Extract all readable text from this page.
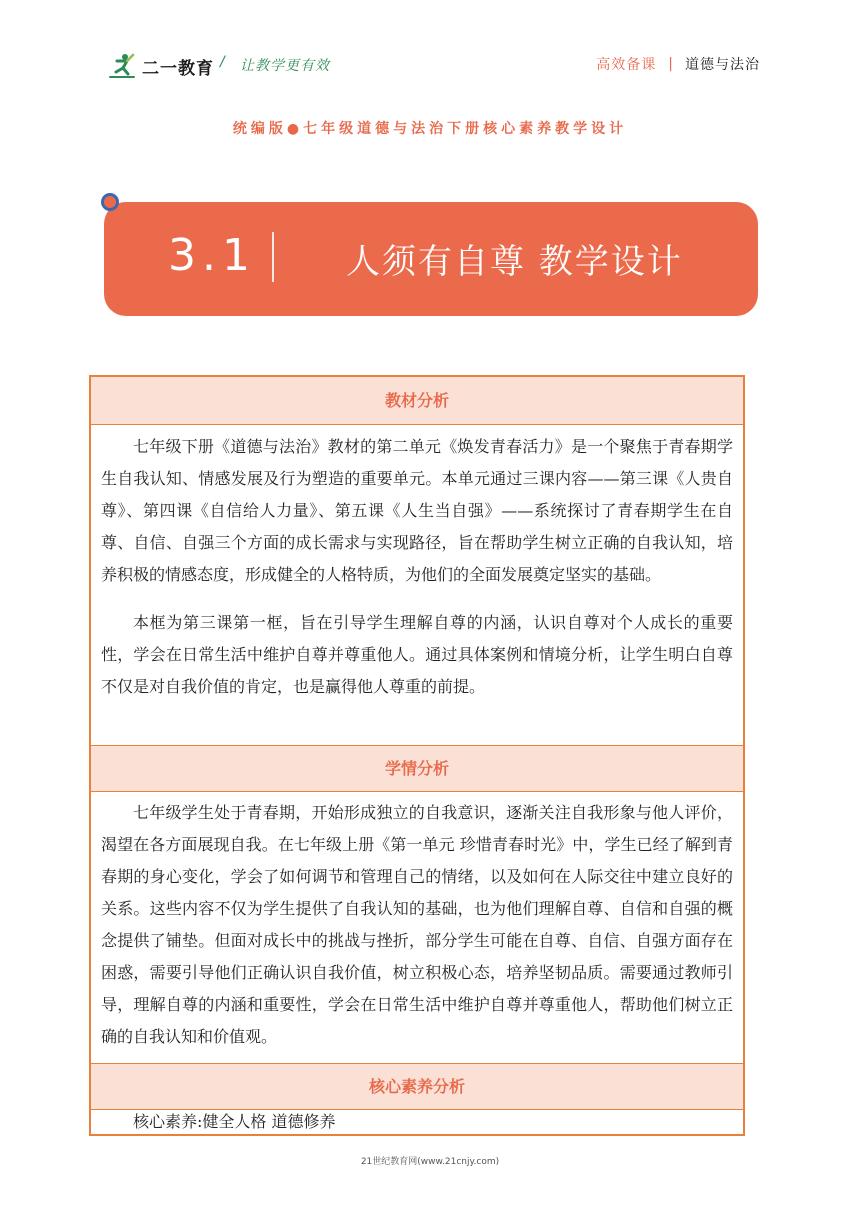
二一教育 / 让教学更有效	高效备课 | 道德与法治
统编版●七年级道德与法治下册核心素养教学设计
3.1	人须有自尊 教学设计
教材分析

七年级下册《道德与法治》教材的第二单元《焕发青春活力》是一个聚焦于青春期学生自我认知、情感发展及行为塑造的重要单元。本单元通过三课内容——第三课《人贵自尊》、第四课《自信给人力量》、第五课《人生当自强》——系统探讨了青春期学生在自尊、自信、自强三个方面的成长需求与实现路径，旨在帮助学生树立正确的自我认知，培养积极的情感态度，形成健全的人格特质，为他们的全面发展奠定坚实的基础。

本框为第三课第一框，旨在引导学生理解自尊的内涵，认识自尊对个人成长的重要性，学会在日常生活中维护自尊并尊重他人。通过具体案例和情境分析，让学生明白自尊不仅是对自我价值的肯定，也是赢得他人尊重的前提。

学情分析

七年级学生处于青春期，开始形成独立的自我意识，逐渐关注自我形象与他人评价，渴望在各方面展现自我。在七年级上册《第一单元 珍惜青春时光》中，学生已经了解到青春期的身心变化，学会了如何调节和管理自己的情绪，以及如何在人际交往中建立良好的关系。这些内容不仅为学生提供了自我认知的基础，也为他们理解自尊、自信和自强的概念提供了铺垫。但面对成长中的挑战与挫折，部分学生可能在自尊、自信、自强方面存在困惑，需要引导他们正确认识自我价值，树立积极心态，培养坚韧品质。需要通过教师引导，理解自尊的内涵和重要性，学会在日常生活中维护自尊并尊重他人，帮助他们树立正确的自我认知和价值观。

核心素养分析

核心素养:健全人格 道德修养

21世纪教育网(www.21cnjy.com)
